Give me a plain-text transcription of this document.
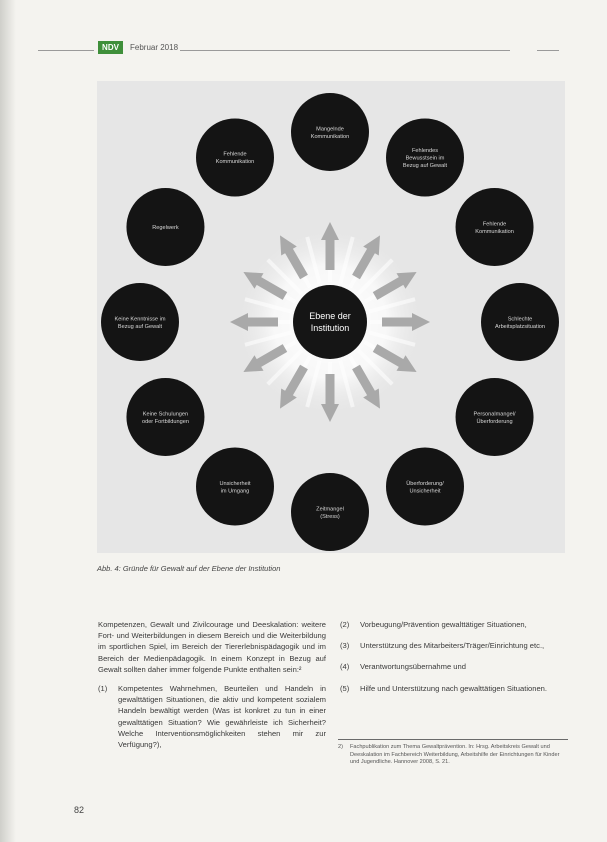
NDV	Februar 2018
Ebene der
Institution
Fehlende
Kommunikation
Mangelnde
Kommunikation
Fehlendes
Bewusstsein im
Bezug auf Gewalt
Fehlende
Kommunikation
Schlechte
Arbeitsplatzsituation
Personalmangel/
Überforderung
Überforderung/
Unsicherheit
Zeitmangel
(Stress)
Unsicherheit
im Umgang
Keine Schulungen
oder Fortbildungen
Keine Kenntnisse im
Bezug auf Gewalt
Regelwerk
Abb. 4: Gründe für Gewalt auf der Ebene der Institution

Kompetenzen, Gewalt und Zivilcourage und Deeskalation: weitere Fort- und Weiterbildungen in diesem Bereich und die Weiterbildung im sportlichen Spiel, im Bereich der Tiererlebnispädagogik und im Bereich der Medienpädagogik. In einem Konzept in Bezug auf Gewalt sollten daher immer folgende Punkte enthalten sein:²

(1)	Kompetentes Wahrnehmen, Beurteilen und Handeln in gewalttätigen Situationen, die aktiv und kompetent sozialem Handeln bewältigt werden (Was ist konkret zu tun in einer gewalttätigen Situation? Wie gewährleiste ich Sicherheit? Welche Interventionsmöglichkeiten stehen mir zur Verfügung?),
(2)	Vorbeugung/Prävention gewalttätiger Situationen,
(3)	Unterstützung des Mitarbeiters/Träger/Einrichtung etc.,
(4)	Verantwortungsübernahme und
(5)	Hilfe und Unterstützung nach gewalttätigen Situationen.
2)	Fachpublikation zum Thema Gewaltprävention. In: Hrsg. Arbeitskreis Gewalt und Deeskalation im Fachbereich Weiterbildung, Arbeitshilfe der Einrichtungen für Kinder und Jugendliche. Hannover 2008, S. 21.
82
